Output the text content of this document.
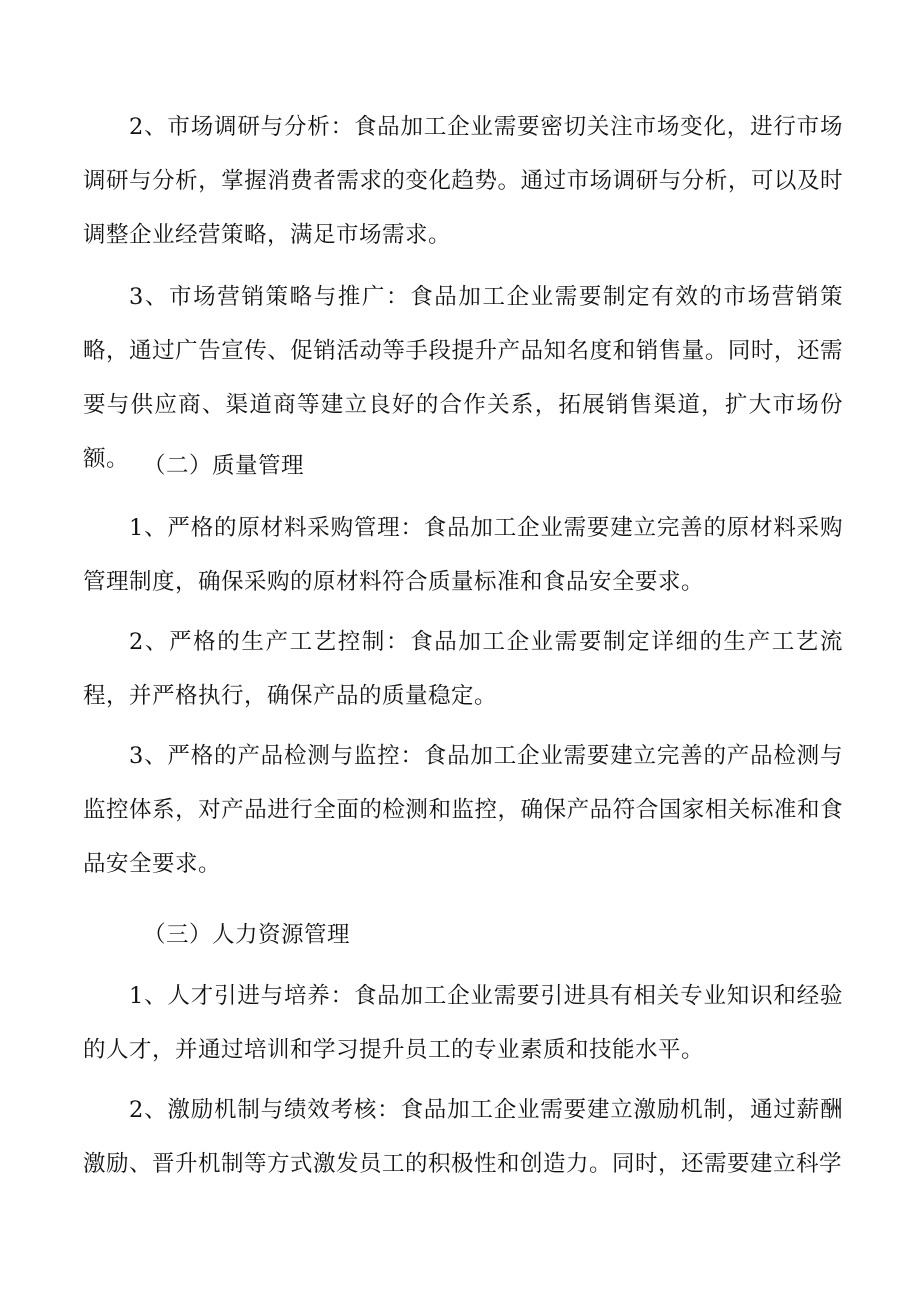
2、市场调研与分析：食品加工企业需要密切关注市场变化，进行市场调研与分析，掌握消费者需求的变化趋势。通过市场调研与分析，可以及时调整企业经营策略，满足市场需求。

3、市场营销策略与推广：食品加工企业需要制定有效的市场营销策略，通过广告宣传、促销活动等手段提升产品知名度和销售量。同时，还需要与供应商、渠道商等建立良好的合作关系，拓展销售渠道，扩大市场份额。 （二）质量管理

1、严格的原材料采购管理：食品加工企业需要建立完善的原材料采购管理制度，确保采购的原材料符合质量标准和食品安全要求。

2、严格的生产工艺控制：食品加工企业需要制定详细的生产工艺流程，并严格执行，确保产品的质量稳定。

3、严格的产品检测与监控：食品加工企业需要建立完善的产品检测与监控体系，对产品进行全面的检测和监控，确保产品符合国家相关标准和食品安全要求。

（三）人力资源管理

1、人才引进与培养：食品加工企业需要引进具有相关专业知识和经验的人才，并通过培训和学习提升员工的专业素质和技能水平。

2、激励机制与绩效考核：食品加工企业需要建立激励机制，通过薪酬激励、晋升机制等方式激发员工的积极性和创造力。同时，还需要建立科学
